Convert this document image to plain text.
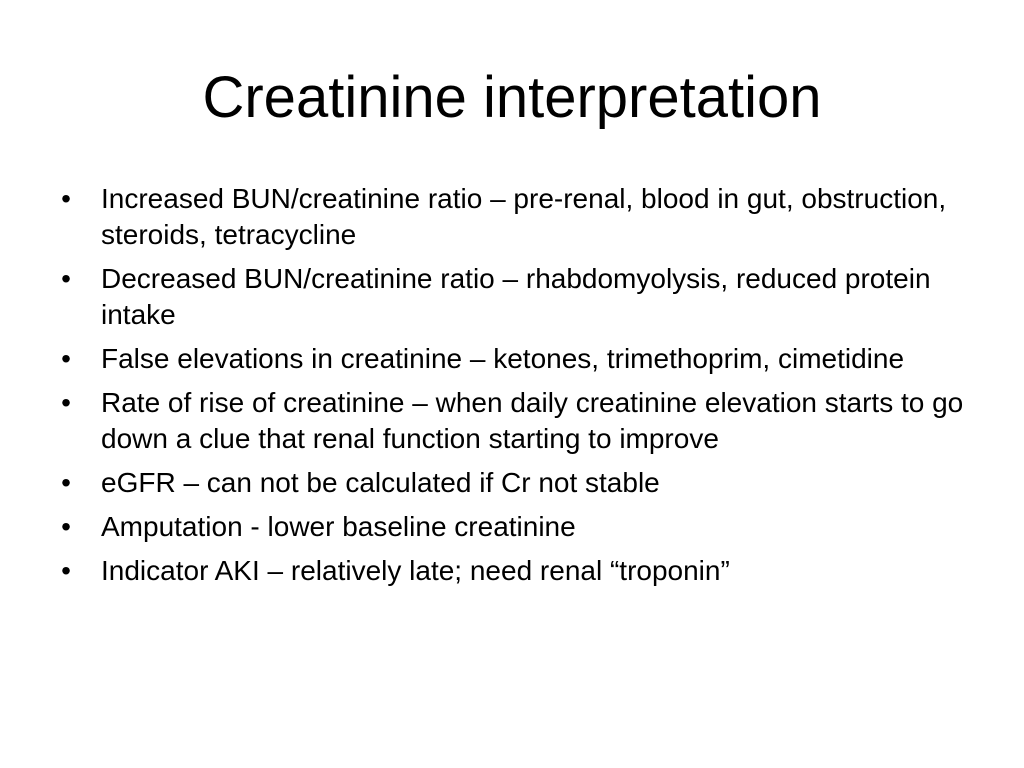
Creatinine interpretation
• Increased BUN/creatinine ratio – pre-renal, blood in gut, obstruction, steroids, tetracycline
• Decreased BUN/creatinine ratio – rhabdomyolysis, reduced protein intake
• False elevations in creatinine – ketones, trimethoprim, cimetidine
• Rate of rise of creatinine – when daily creatinine elevation starts to go down a clue that renal function starting to improve
• eGFR – can not be calculated if Cr not stable
• Amputation - lower baseline creatinine
• Indicator AKI – relatively late; need renal “troponin”
